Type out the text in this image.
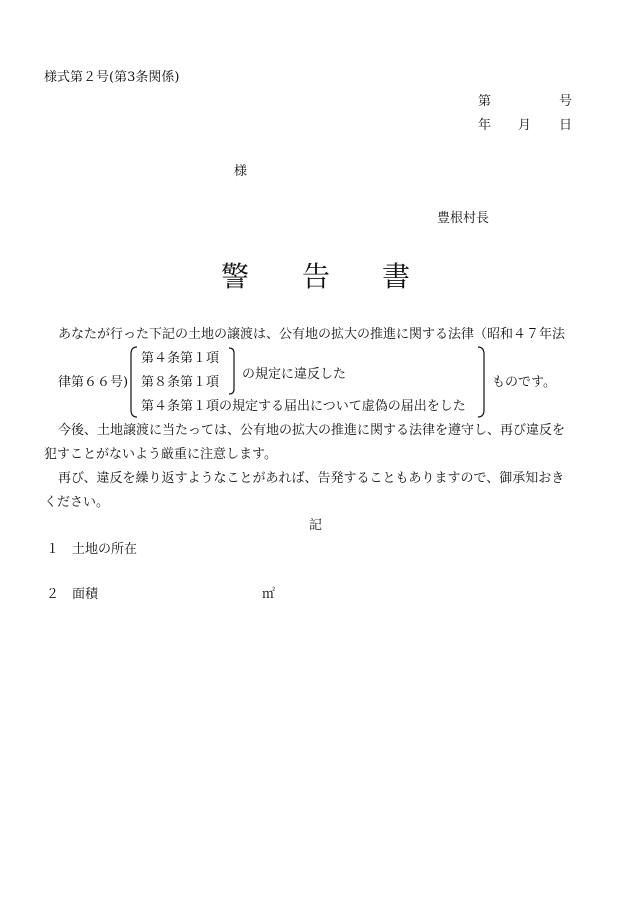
様式第２号(第3条関係)
第	号
年 月 日
様
豊根村長
警 告 書
あなたが行った下記の土地の譲渡は、公有地の拡大の推進に関する法律（昭和４７年法
律第６６号)
第４条第１項
第８条第１項
第４条第１項の規定する届出について虚偽の届出をした
の規定に違反した
ものです。
今後、土地譲渡に当たっては、公有地の拡大の推進に関する法律を遵守し、再び違反を
犯すことがないよう厳重に注意します。
再び、違反を繰り返すようなことがあれば、告発することもありますので、御承知おき
ください。
記
１ 土地の所在
２ 面積	㎡
